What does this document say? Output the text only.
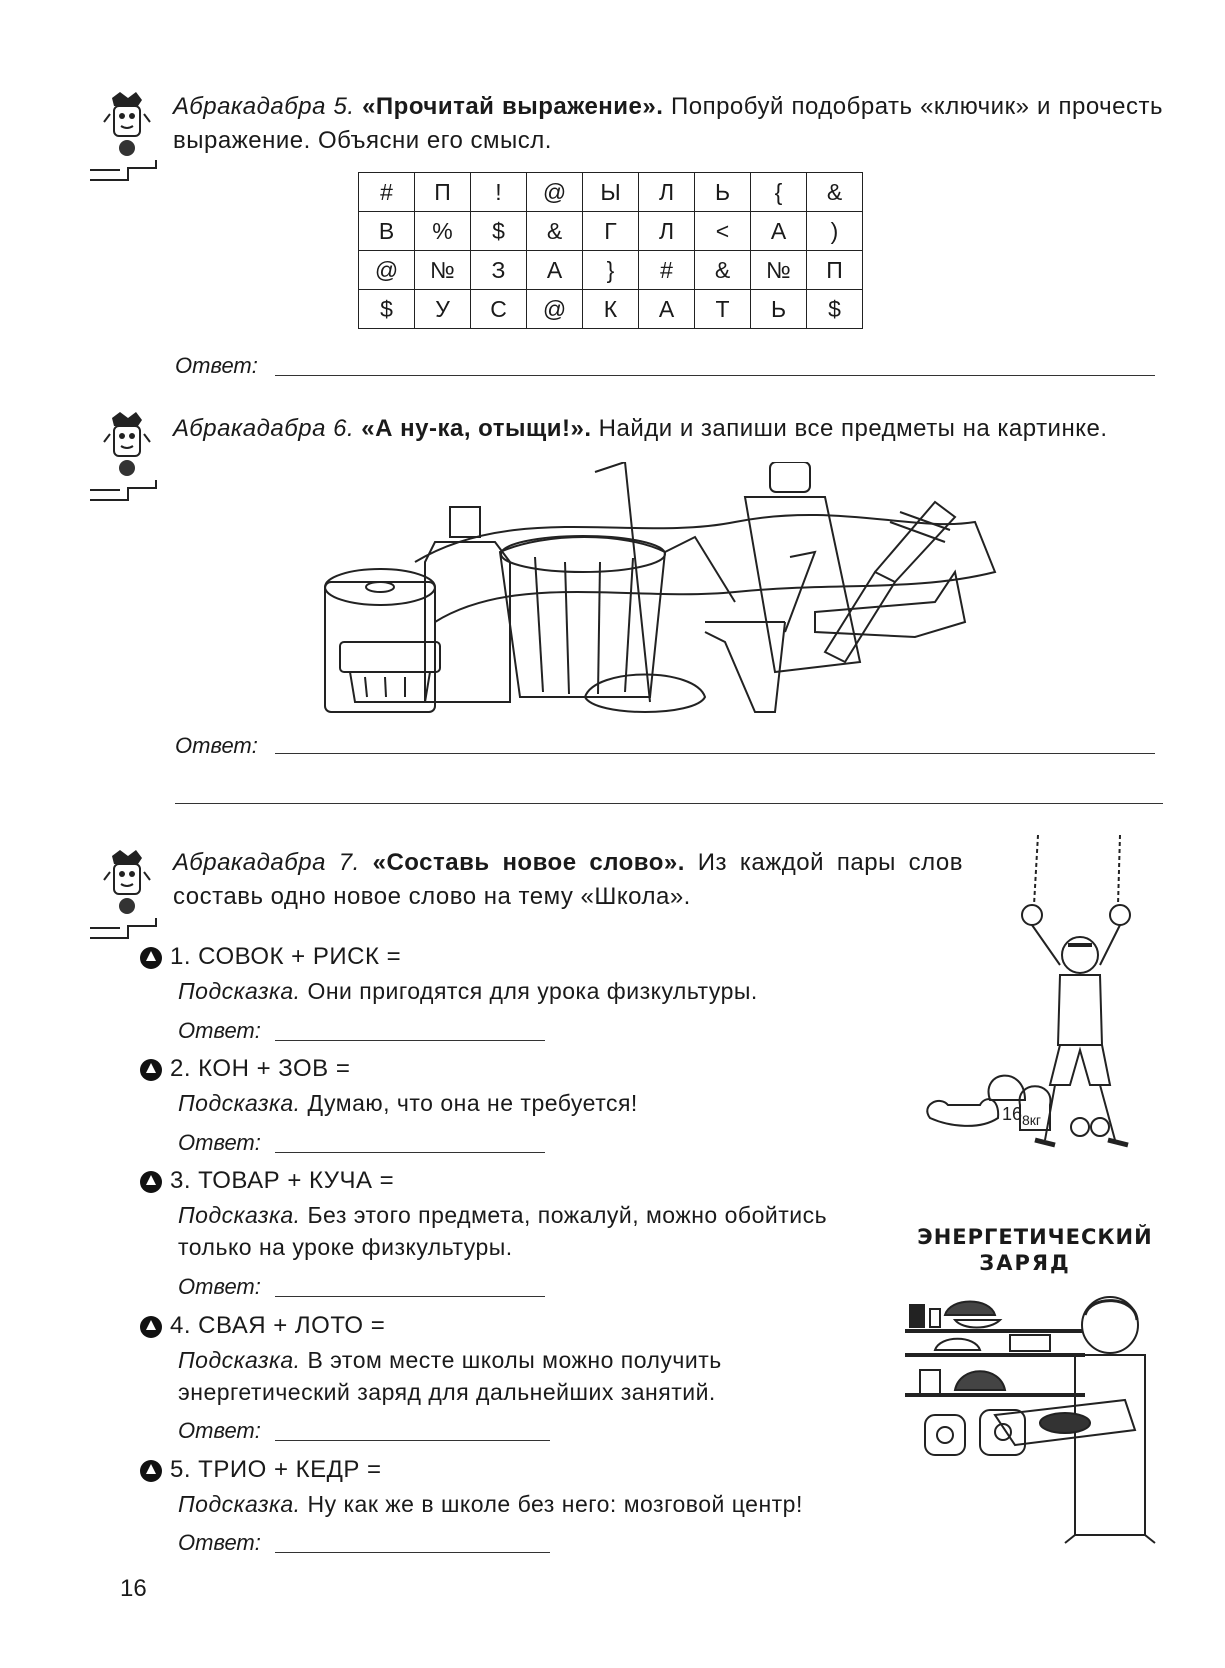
Абракадабра 5. «Прочитай выражение». Попробуй подобрать «ключик» и прочесть выражение. Объясни его смысл.
#	П	!	@	Ы	Л	Ь	{	&
В	%	$	&	Г	Л	<	А	)
@	№	З	А	}	#	&	№	П
$	У	С	@	К	А	Т	Ь	$
Ответ:
Абракадабра 6. «А ну-ка, отыщи!». Найди и запиши все предметы на картинке.
Ответ:
Абракадабра 7. «Составь новое слово». Из каждой пары слов составь одно новое слово на тему «Школа».
1. СОВОК + РИСК =
Подсказка. Они пригодятся для урока физкультуры.
Ответ:
2. КОН + ЗОВ =
Подсказка. Думаю, что она не требуется!
Ответ:
3. ТОВАР + КУЧА =
Подсказка. Без этого предмета, пожалуй, можно обойтись только на уроке физкультуры.
Ответ:
4. СВАЯ + ЛОТО =
Подсказка. В этом месте школы можно получить энергетический заряд для дальнейших занятий.
Ответ:
5. ТРИО + КЕДР =
Подсказка. Ну как же в школе без него: мозговой центр!
Ответ:
16 8кг
ЭНЕРГЕТИЧЕСКИЙ
ЗАРЯД
16
